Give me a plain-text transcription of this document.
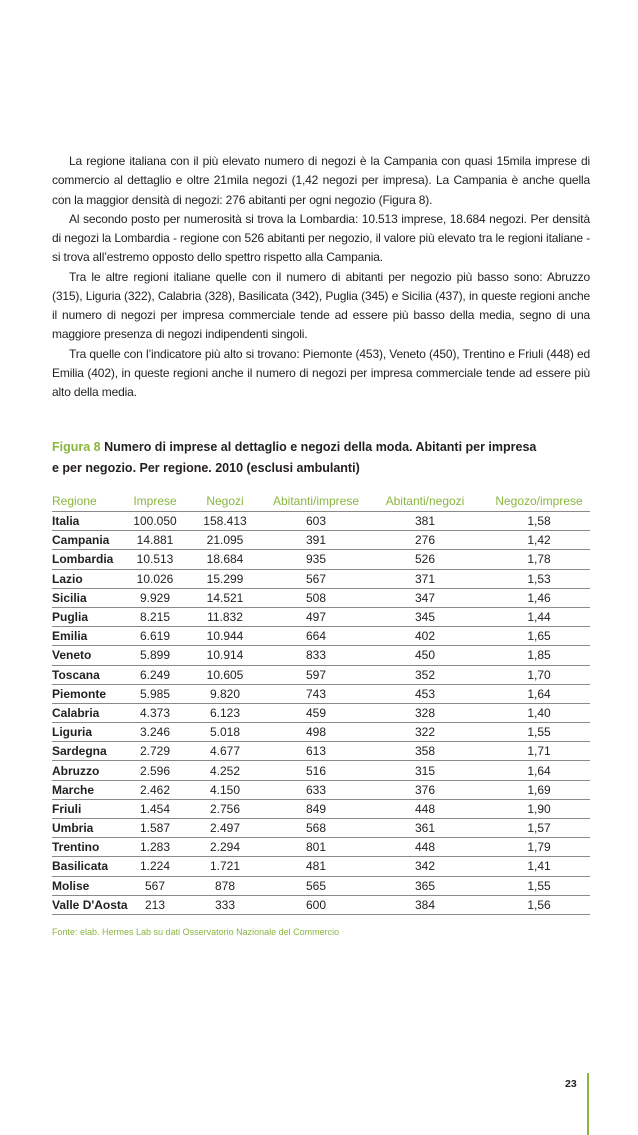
La regione italiana con il più elevato numero di negozi è la Campania con quasi 15mila imprese di commercio al dettaglio e oltre 21mila negozi (1,42 negozi per impresa). La Campania è anche quella con la maggior densità di negozi: 276 abitanti per ogni negozio (Figura 8).

Al secondo posto per numerosità si trova la Lombardia: 10.513 imprese, 18.684 negozi. Per densità di negozi la Lombardia - regione con 526 abitanti per negozio, il valore più elevato tra le regioni italiane - si trova all’estremo opposto dello spettro rispetto alla Campania.

Tra le altre regioni italiane quelle con il numero di abitanti per negozio più basso sono: Abruzzo (315), Liguria (322), Calabria (328), Basilicata (342), Puglia (345) e Sicilia (437), in queste regioni anche il numero di negozi per impresa commerciale tende ad essere più basso della media, segno di una maggiore presenza di negozi indipendenti singoli.

Tra quelle con l’indicatore più alto si trovano: Piemonte (453), Veneto (450), Trentino e Friuli (448) ed Emilia (402), in queste regioni anche il numero di negozi per impresa commerciale tende ad essere più alto della media.

Figura 8 Numero di imprese al dettaglio e negozi della moda. Abitanti per impresa
e per negozio. Per regione. 2010 (esclusi ambulanti)
Regione	Imprese	Negozi	Abitanti/imprese	Abitanti/negozi	Negozo/imprese
Italia	100.050	158.413	603	381	1,58
Campania	14.881	21.095	391	276	1,42
Lombardia	10.513	18.684	935	526	1,78
Lazio	10.026	15.299	567	371	1,53
Sicilia	9.929	14.521	508	347	1,46
Puglia	8.215	11.832	497	345	1,44
Emilia	6.619	10.944	664	402	1,65
Veneto	5.899	10.914	833	450	1,85
Toscana	6.249	10.605	597	352	1,70
Piemonte	5.985	9.820	743	453	1,64
Calabria	4.373	6.123	459	328	1,40
Liguria	3.246	5.018	498	322	1,55
Sardegna	2.729	4.677	613	358	1,71
Abruzzo	2.596	4.252	516	315	1,64
Marche	2.462	4.150	633	376	1,69
Friuli	1.454	2.756	849	448	1,90
Umbria	1.587	2.497	568	361	1,57
Trentino	1.283	2.294	801	448	1,79
Basilicata	1.224	1.721	481	342	1,41
Molise	567	878	565	365	1,55
Valle D'Aosta	213	333	600	384	1,56
Fonte: elab. Hermes Lab su dati Osservatorio Nazionale del Commercio
23
